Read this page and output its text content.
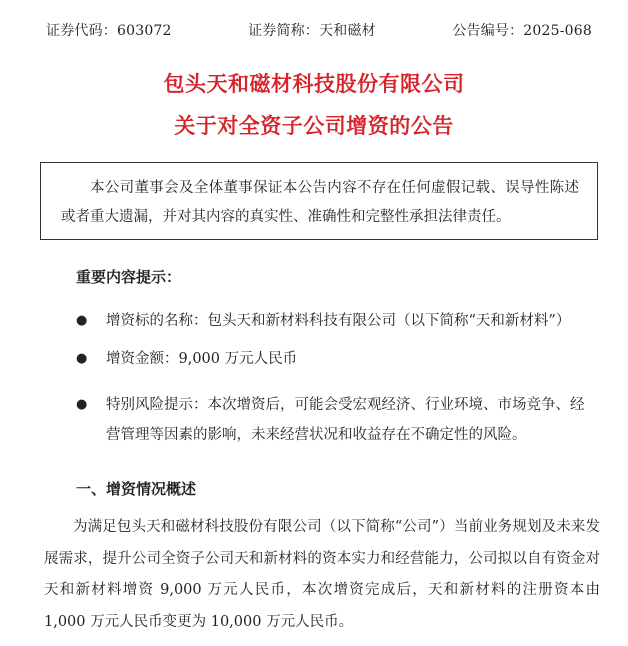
证券代码：603072	证券简称：天和磁材	公告编号：2025-068
包头天和磁材科技股份有限公司
关于对全资子公司增资的公告
本公司董事会及全体董事保证本公告内容不存在任何虚假记载、误导性陈述或者重大遗漏，并对其内容的真实性、准确性和完整性承担法律责任。
重要内容提示：
●	增资标的名称：包头天和新材料科技有限公司（以下简称“天和新材料”）
●	增资金额：9,000 万元人民币
●	特别风险提示：本次增资后，可能会受宏观经济、行业环境、市场竞争、经营管理等因素的影响，未来经营状况和收益存在不确定性的风险。
一、增资情况概述
为满足包头天和磁材科技股份有限公司（以下简称“公司”）当前业务规划及未来发展需求，提升公司全资子公司天和新材料的资本实力和经营能力，公司拟以自有资金对天和新材料增资 9,000 万元人民币，本次增资完成后，天和新材料的注册资本由 1,000 万元人民币变更为 10,000 万元人民币。
